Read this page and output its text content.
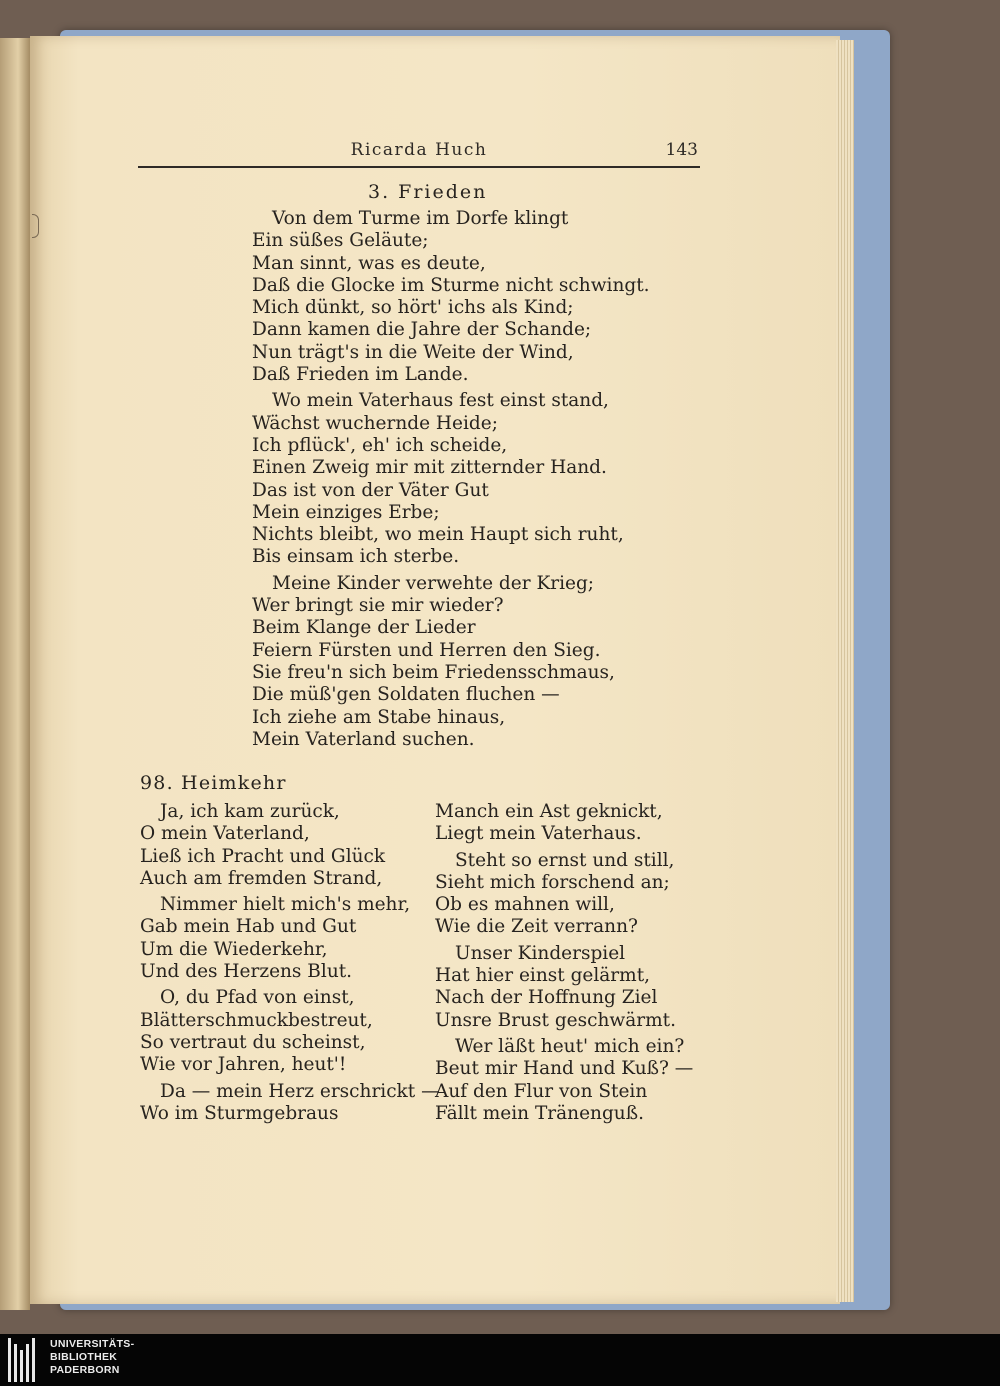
Ricarda Huch	143
3. Frieden
Von dem Turme im Dorfe klingt
Ein süßes Geläute;
Man sinnt, was es deute,
Daß die Glocke im Sturme nicht schwingt.
Mich dünkt, so hört' ichs als Kind;
Dann kamen die Jahre der Schande;
Nun trägt's in die Weite der Wind,
Daß Frieden im Lande.
Wo mein Vaterhaus fest einst stand,
Wächst wuchernde Heide;
Ich pflück', eh' ich scheide,
Einen Zweig mir mit zitternder Hand.
Das ist von der Väter Gut
Mein einziges Erbe;
Nichts bleibt, wo mein Haupt sich ruht,
Bis einsam ich sterbe.
Meine Kinder verwehte der Krieg;
Wer bringt sie mir wieder?
Beim Klange der Lieder
Feiern Fürsten und Herren den Sieg.
Sie freu'n sich beim Friedensschmaus,
Die müß'gen Soldaten fluchen —
Ich ziehe am Stabe hinaus,
Mein Vaterland suchen.
98. Heimkehr
Ja, ich kam zurück,
O mein Vaterland,
Ließ ich Pracht und Glück
Auch am fremden Strand,
Nimmer hielt mich's mehr,
Gab mein Hab und Gut
Um die Wiederkehr,
Und des Herzens Blut.
O, du Pfad von einst,
Blätterschmuckbestreut,
So vertraut du scheinst,
Wie vor Jahren, heut'!
Da — mein Herz erschrickt —
Wo im Sturmgebraus
Manch ein Ast geknickt,
Liegt mein Vaterhaus.
Steht so ernst und still,
Sieht mich forschend an;
Ob es mahnen will,
Wie die Zeit verrann?
Unser Kinderspiel
Hat hier einst gelärmt,
Nach der Hoffnung Ziel
Unsre Brust geschwärmt.
Wer läßt heut' mich ein?
Beut mir Hand und Kuß? —
Auf den Flur von Stein
Fällt mein Tränenguß.
UNIVERSITÄTS-
BIBLIOTHEK
PADERBORN
